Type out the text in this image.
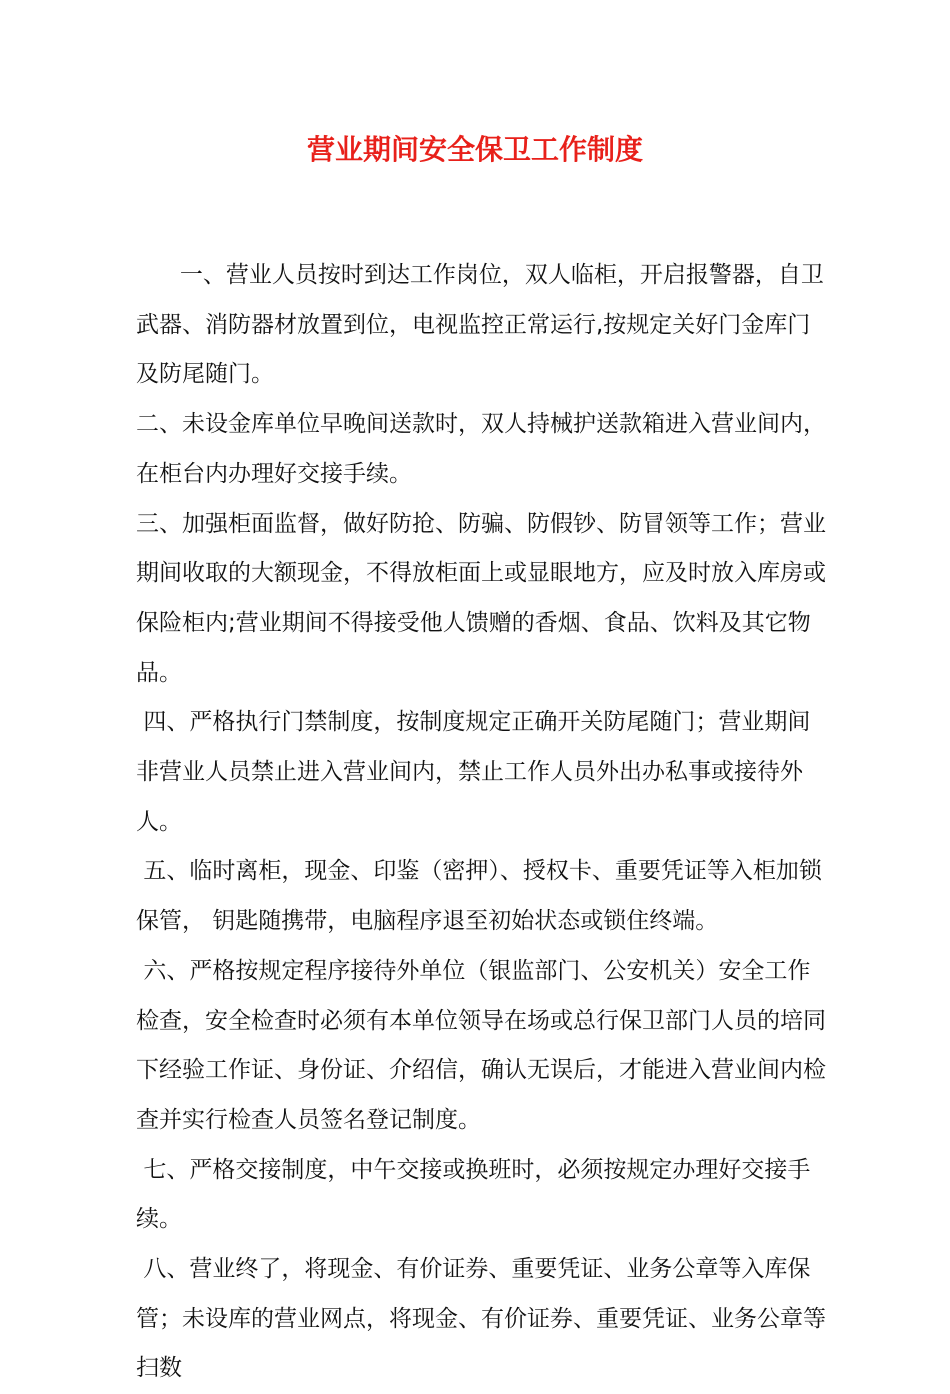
营业期间安全保卫工作制度

一、营业人员按时到达工作岗位，双人临柜，开启报警器，自卫武器、消防器材放置到位，电视监控正常运行,按规定关好门金库门及防尾随门。

二、未设金库单位早晚间送款时，双人持械护送款箱进入营业间内，在柜台内办理好交接手续。

三、加强柜面监督，做好防抢、防骗、防假钞、防冒领等工作；营业期间收取的大额现金，不得放柜面上或显眼地方，应及时放入库房或保险柜内;营业期间不得接受他人馈赠的香烟、食品、饮料及其它物品。

四、严格执行门禁制度，按制度规定正确开关防尾随门；营业期间非营业人员禁止进入营业间内，禁止工作人员外出办私事或接待外人。

五、临时离柜，现金、印鉴（密押）、授权卡、重要凭证等入柜加锁保管， 钥匙随携带，电脑程序退至初始状态或锁住终端。

六、严格按规定程序接待外单位（银监部门、公安机关）安全工作检查，安全检查时必须有本单位领导在场或总行保卫部门人员的培同下经验工作证、身份证、介绍信，确认无误后，才能进入营业间内检查并实行检查人员签名登记制度。

七、严格交接制度，中午交接或换班时，必须按规定办理好交接手续。

八、营业终了，将现金、有价证券、重要凭证、业务公章等入库保管；未设库的营业网点，将现金、有价证券、重要凭证、业务公章等扫数
